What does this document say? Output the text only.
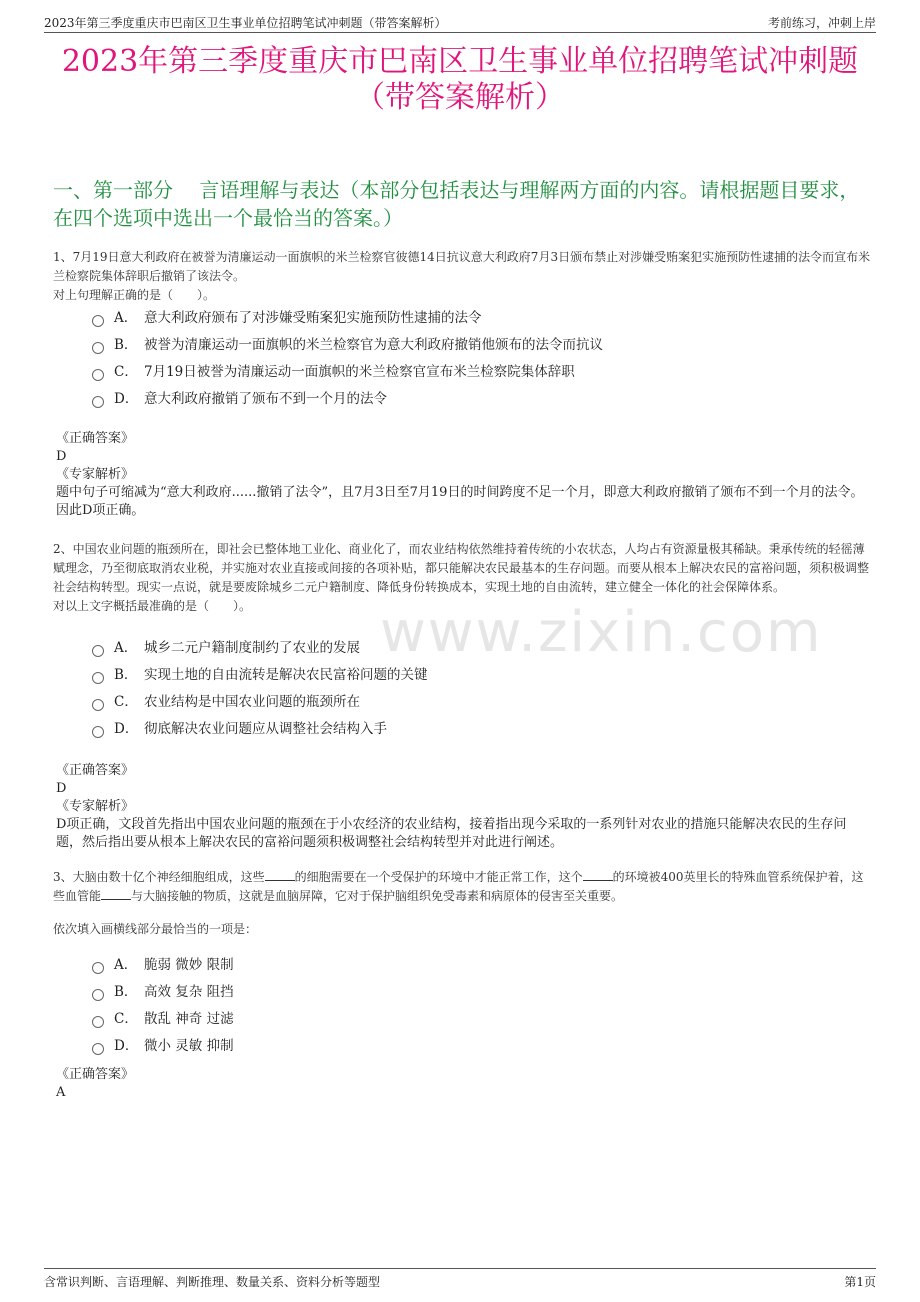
2023年第三季度重庆市巴南区卫生事业单位招聘笔试冲刺题（带答案解析）	考前练习，冲刺上岸
2023年第三季度重庆市巴南区卫生事业单位招聘笔试冲刺题
（带答案解析）
一、第一部分　 言语理解与表达（本部分包括表达与理解两方面的内容。请根据题目要求，在四个选项中选出一个最恰当的答案。）
www.zixin.com

1、7月19日意大利政府在被誉为清廉运动一面旗帜的米兰检察官彼德14日抗议意大利政府7月3日颁布禁止对涉嫌受贿案犯实施预防性逮捕的法令而宣布米兰检察院集体辞职后撤销了该法令。

对上句理解正确的是（　　）。

A． 意大利政府颁布了对涉嫌受贿案犯实施预防性逮捕的法令
B． 被誉为清廉运动一面旗帜的米兰检察官为意大利政府撤销他颁布的法令而抗议
C． 7月19日被誉为清廉运动一面旗帜的米兰检察官宣布米兰检察院集体辞职
D． 意大利政府撤销了颁布不到一个月的法令
《正确答案》
D
《专家解析》
题中句子可缩减为“意大利政府......撤销了法令”，且7月3日至7月19日的时间跨度不足一个月，即意大利政府撤销了颁布不到一个月的法令。因此D项正确。

2、中国农业问题的瓶颈所在，即社会已整体地工业化、商业化了，而农业结构依然维持着传统的小农状态，人均占有资源量极其稀缺。秉承传统的轻徭薄赋理念，乃至彻底取消农业税，并实施对农业直接或间接的各项补贴，都只能解决农民最基本的生存问题。而要从根本上解决农民的富裕问题，须积极调整社会结构转型。现实一点说，就是要废除城乡二元户籍制度、降低身份转换成本，实现土地的自由流转，建立健全一体化的社会保障体系。

对以上文字概括最准确的是（　　）。

A． 城乡二元户籍制度制约了农业的发展
B． 实现土地的自由流转是解决农民富裕问题的关键
C． 农业结构是中国农业问题的瓶颈所在
D． 彻底解决农业问题应从调整社会结构入手
《正确答案》
D
《专家解析》
D项正确，文段首先指出中国农业问题的瓶颈在于小农经济的农业结构，接着指出现今采取的一系列针对农业的措施只能解决农民的生存问题，然后指出要从根本上解决农民的富裕问题须积极调整社会结构转型并对此进行阐述。

3、大脑由数十亿个神经细胞组成，这些	的细胞需要在一个受保护的环境中才能正常工作，这个	的环境被400英里长的特殊血管系统保护着，这些血管能	与大脑接触的物质，这就是血脑屏障，它对于保护脑组织免受毒素和病原体的侵害至关重要。

依次填入画横线部分最恰当的一项是：

A． 脆弱 微妙 限制
B． 高效 复杂 阻挡
C． 散乱 神奇 过滤
D． 微小 灵敏 抑制
《正确答案》
A
含常识判断、言语理解、判断推理、数量关系、资料分析等题型	第1页
